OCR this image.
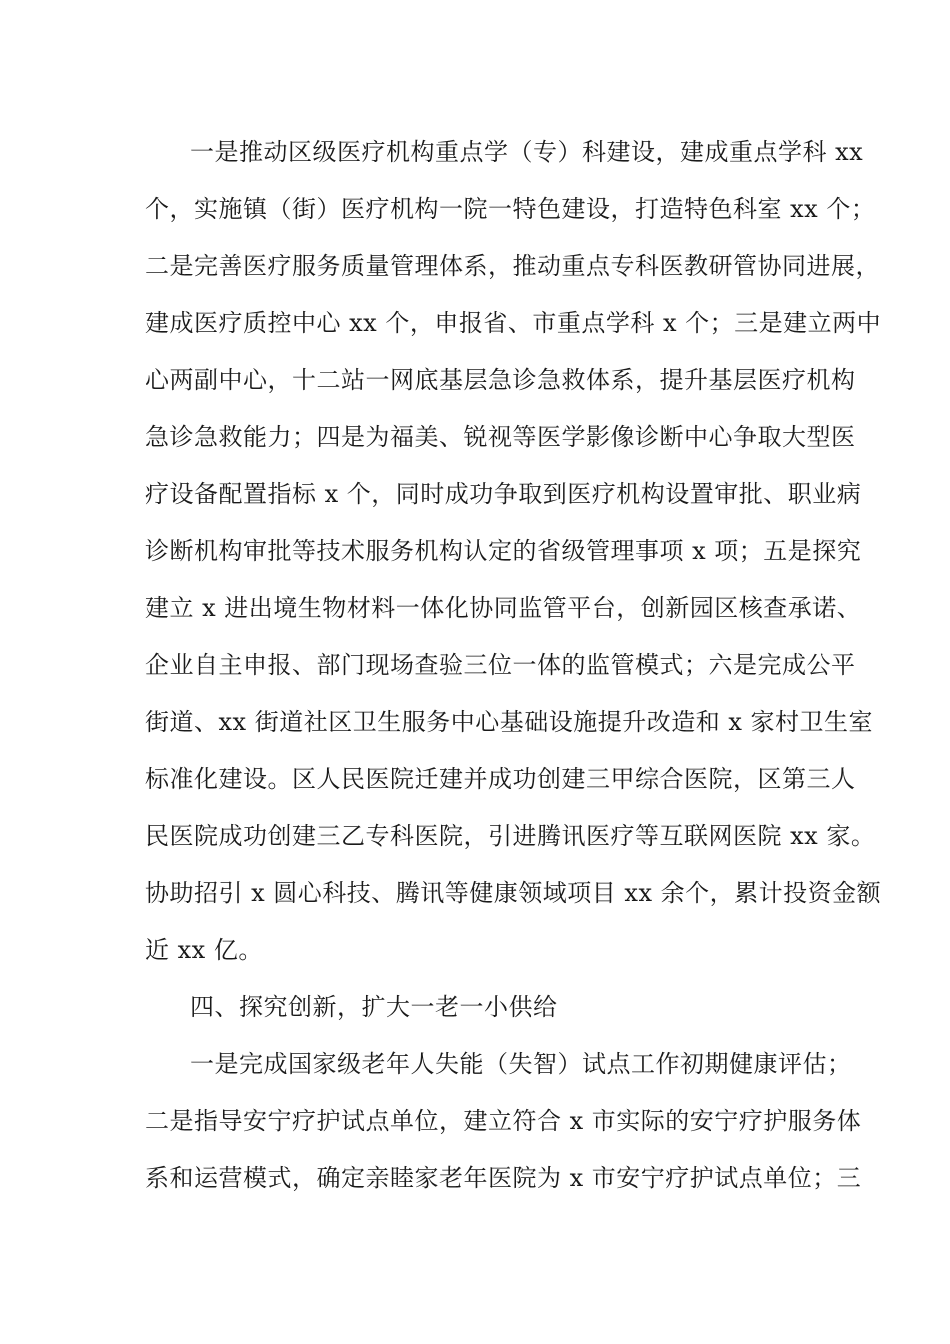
一是推动区级医疗机构重点学（专）科建设，建成重点学科 xx
个，实施镇（街）医疗机构一院一特色建设，打造特色科室 xx 个；
二是完善医疗服务质量管理体系，推动重点专科医教研管协同进展，
建成医疗质控中心 xx 个，申报省、市重点学科 x 个；三是建立两中
心两副中心，十二站一网底基层急诊急救体系，提升基层医疗机构
急诊急救能力；四是为福美、锐视等医学影像诊断中心争取大型医
疗设备配置指标 x 个，同时成功争取到医疗机构设置审批、职业病
诊断机构审批等技术服务机构认定的省级管理事项 x 项；五是探究
建立 x 进出境生物材料一体化协同监管平台，创新园区核查承诺、
企业自主申报、部门现场查验三位一体的监管模式；六是完成公平
街道、xx 街道社区卫生服务中心基础设施提升改造和 x 家村卫生室
标准化建设。区人民医院迁建并成功创建三甲综合医院，区第三人
民医院成功创建三乙专科医院，引进腾讯医疗等互联网医院 xx 家。
协助招引 x 圆心科技、腾讯等健康领域项目 xx 余个，累计投资金额
近 xx 亿。
四、探究创新，扩大一老一小供给
一是完成国家级老年人失能（失智）试点工作初期健康评估；
二是指导安宁疗护试点单位，建立符合 x 市实际的安宁疗护服务体
系和运营模式，确定亲睦家老年医院为 x 市安宁疗护试点单位；三
